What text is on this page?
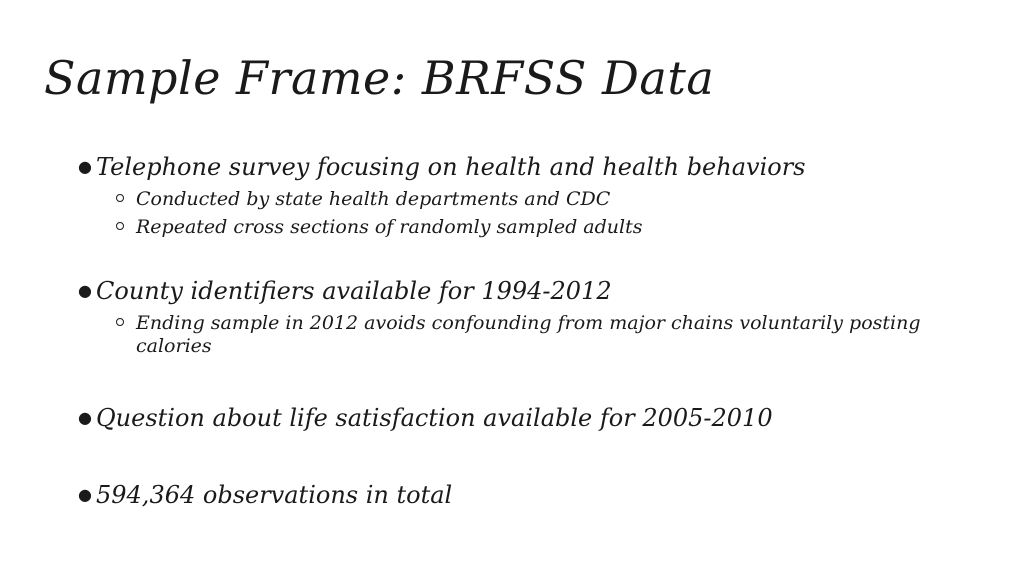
Sample Frame: BRFSS Data
● Telephone survey focusing on health and health behaviors
Conducted by state health departments and CDC
Repeated cross sections of randomly sampled adults
● County identifiers available for 1994-2012
Ending sample in 2012 avoids confounding from major chains voluntarily posting calories
● Question about life satisfaction available for 2005-2010
● 594,364 observations in total
